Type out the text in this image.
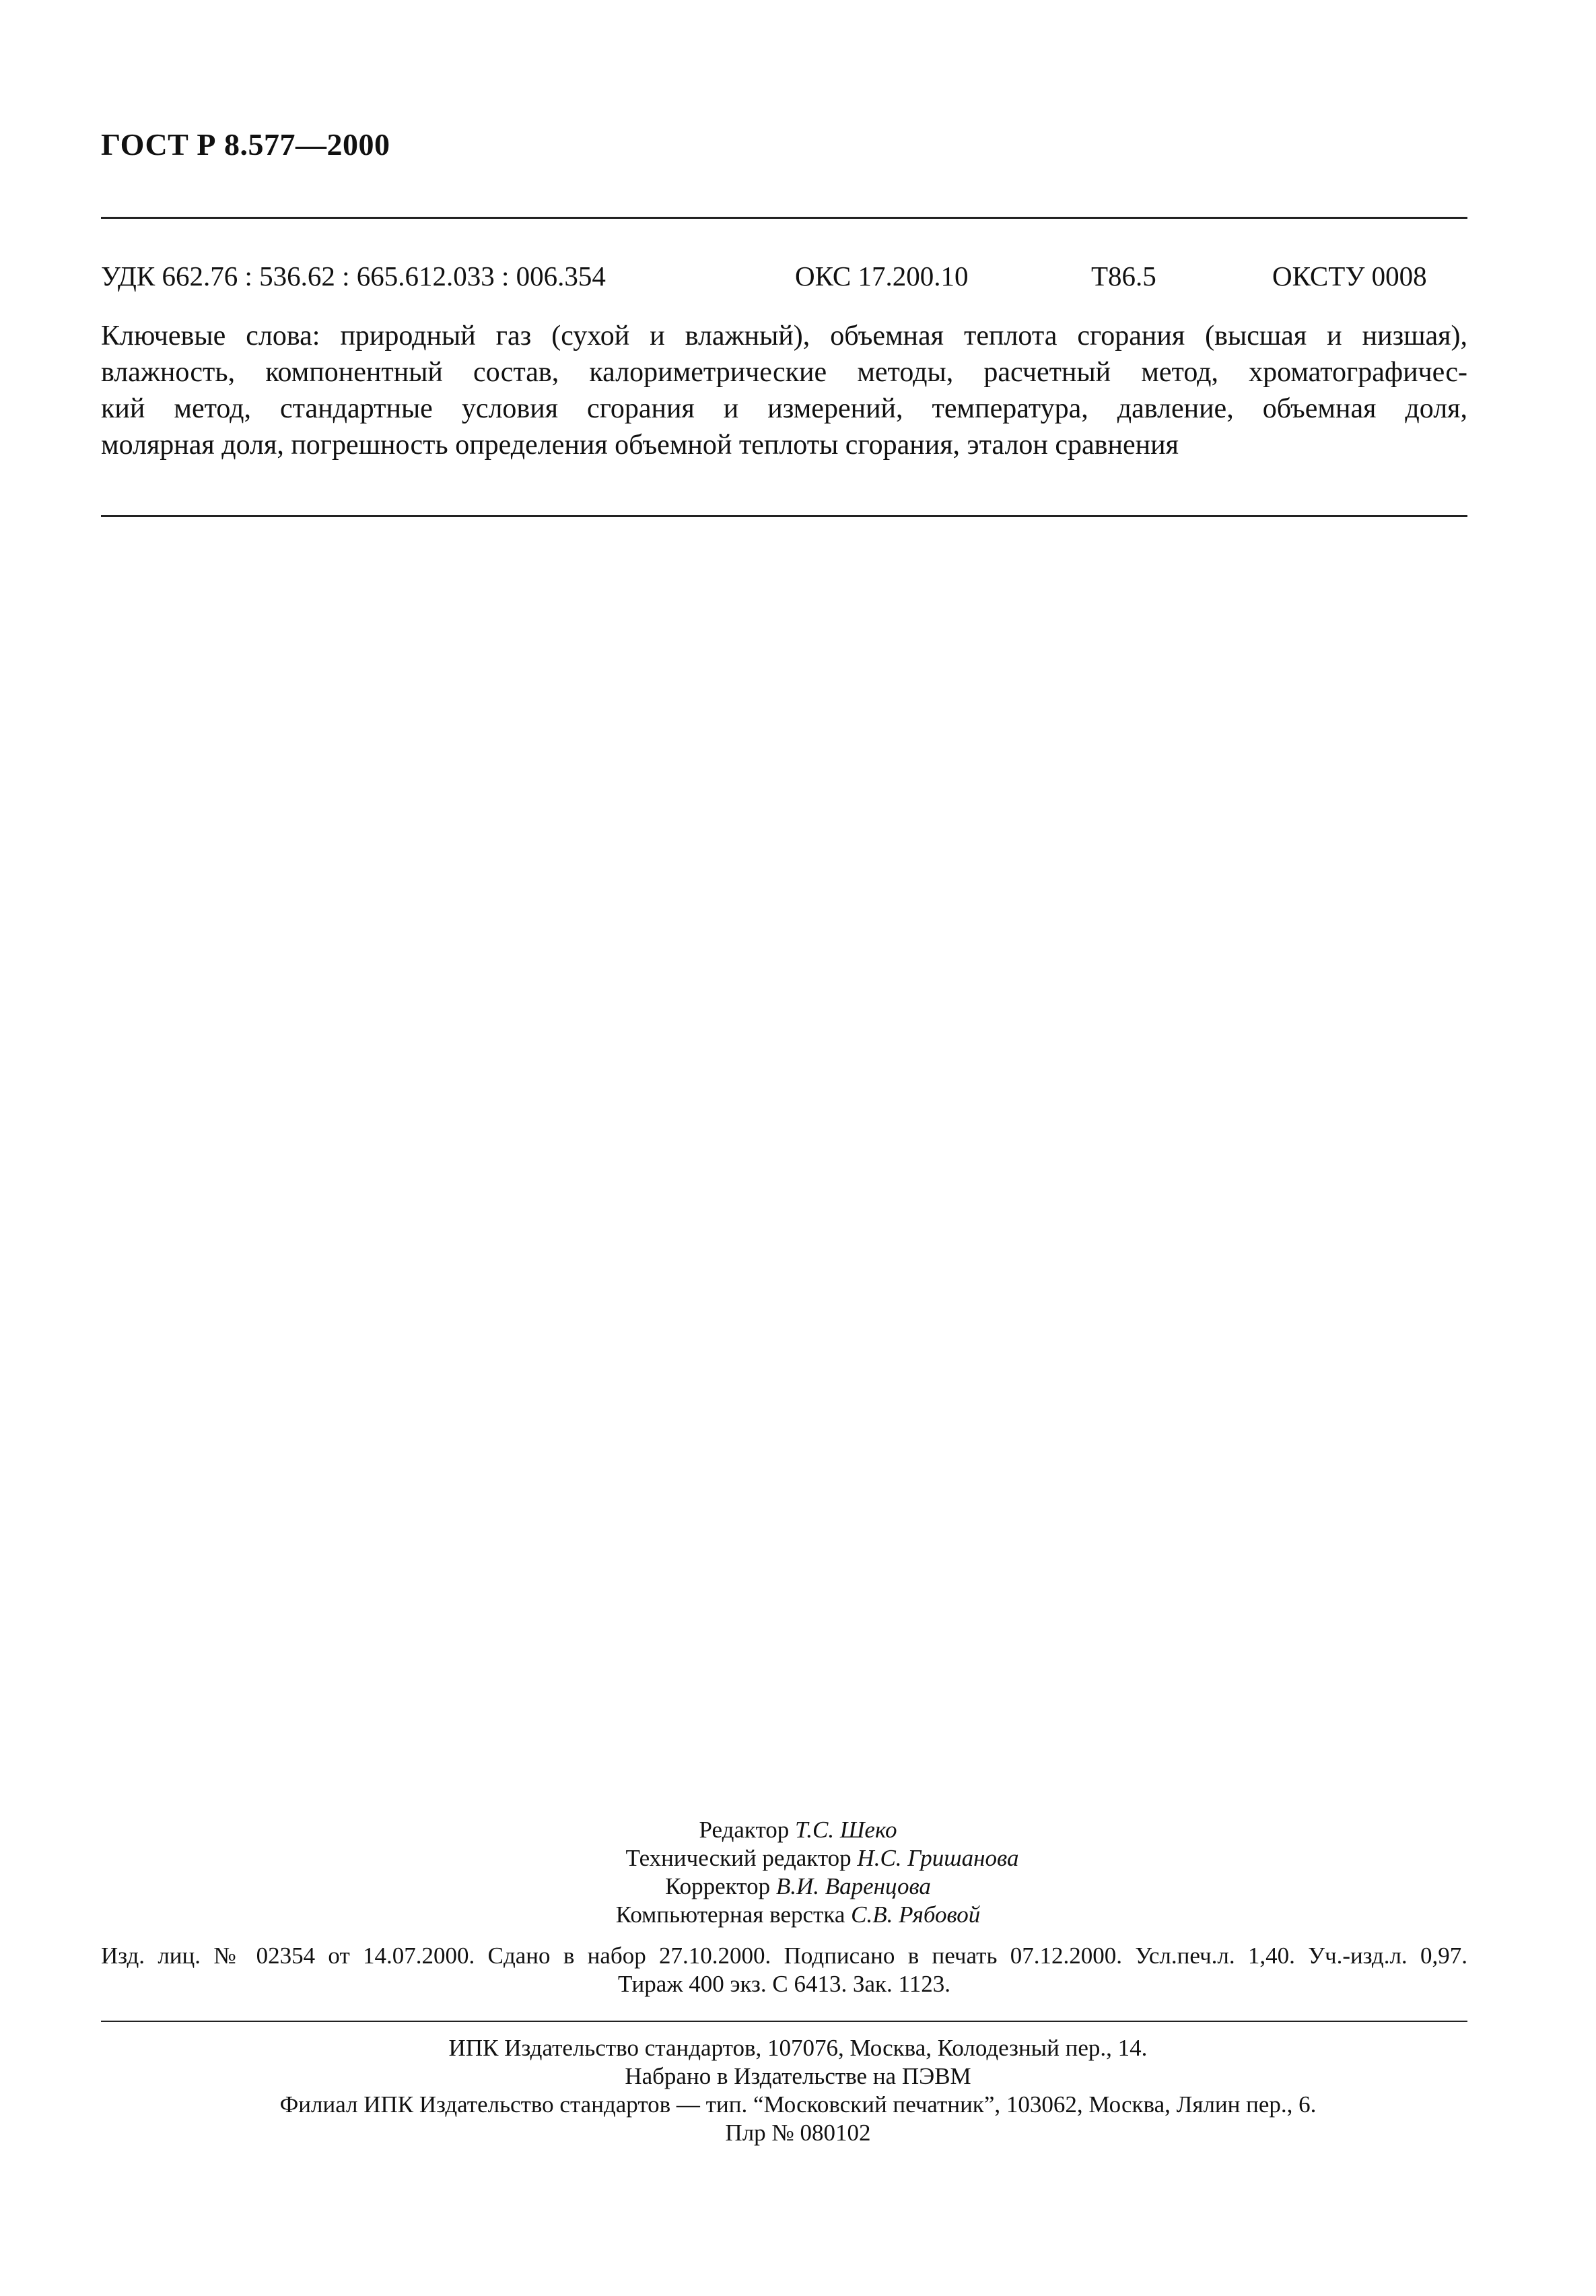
ГОСТ Р 8.577—2000
УДК 662.76 : 536.62 : 665.612.033 : 006.354	ОКС 17.200.10	Т86.5	ОКСТУ 0008
Ключевые слова: природный газ (сухой и влажный), объемная теплота сгорания (высшая и низшая),
влажность, компонентный состав, калориметрические методы, расчетный метод, хроматографичес-
кий метод, стандартные условия сгорания и измерений, температура, давление, объемная доля,
молярная доля, погрешность определения объемной теплоты сгорания, эталон сравнения
Редактор Т.С. Шеко
Технический редактор Н.С. Гришанова
Корректор В.И. Варенцова
Компьютерная верстка С.В. Рябовой
Изд. лиц. № 02354 от 14.07.2000. Сдано в набор 27.10.2000. Подписано в печать 07.12.2000. Усл.печ.л. 1,40. Уч.-изд.л. 0,97.
Тираж 400 экз. С 6413. Зак. 1123.
ИПК Издательство стандартов, 107076, Москва, Колодезный пер., 14.
Набрано в Издательстве на ПЭВМ
Филиал ИПК Издательство стандартов — тип. “Московский печатник”, 103062, Москва, Лялин пер., 6.
Плр № 080102
